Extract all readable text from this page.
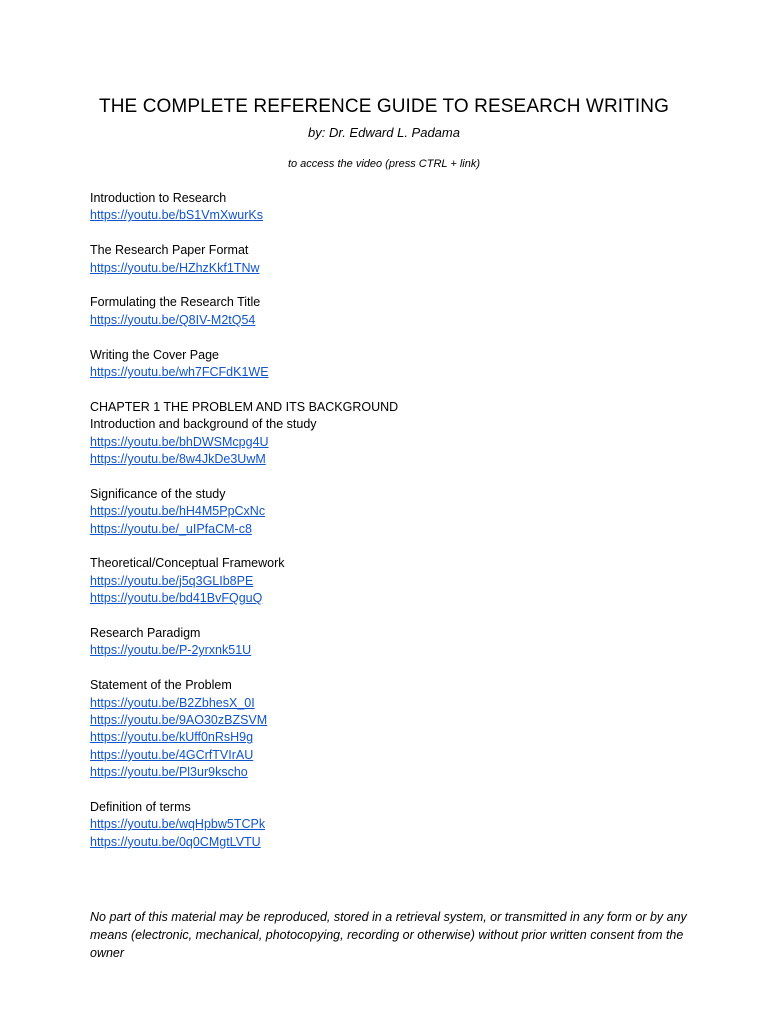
THE COMPLETE REFERENCE GUIDE TO RESEARCH WRITING
by: Dr. Edward L. Padama
to access the video (press CTRL + link)
Introduction to Research
https://youtu.be/bS1VmXwurKs
The Research Paper Format
https://youtu.be/HZhzKkf1TNw
Formulating the Research Title
https://youtu.be/Q8IV-M2tQ54
Writing the Cover Page
https://youtu.be/wh7FCFdK1WE
CHAPTER 1 THE PROBLEM AND ITS BACKGROUND
Introduction and background of the study
https://youtu.be/bhDWSMcpg4U
https://youtu.be/8w4JkDe3UwM
Significance of the study
https://youtu.be/hH4M5PpCxNc
https://youtu.be/_uIPfaCM-c8
Theoretical/Conceptual Framework
https://youtu.be/j5q3GLIb8PE
https://youtu.be/bd41BvFQguQ
Research Paradigm
https://youtu.be/P-2yrxnk51U
Statement of the Problem
https://youtu.be/B2ZbhesX_0I
https://youtu.be/9AO30zBZSVM
https://youtu.be/kUff0nRsH9g
https://youtu.be/4GCrfTVIrAU
https://youtu.be/Pl3ur9kscho
Definition of terms
https://youtu.be/wqHpbw5TCPk
https://youtu.be/0q0CMgtLVTU
No part of this material may be reproduced, stored in a retrieval system, or transmitted in any form or by any means (electronic, mechanical, photocopying, recording or otherwise) without prior written consent from the owner
